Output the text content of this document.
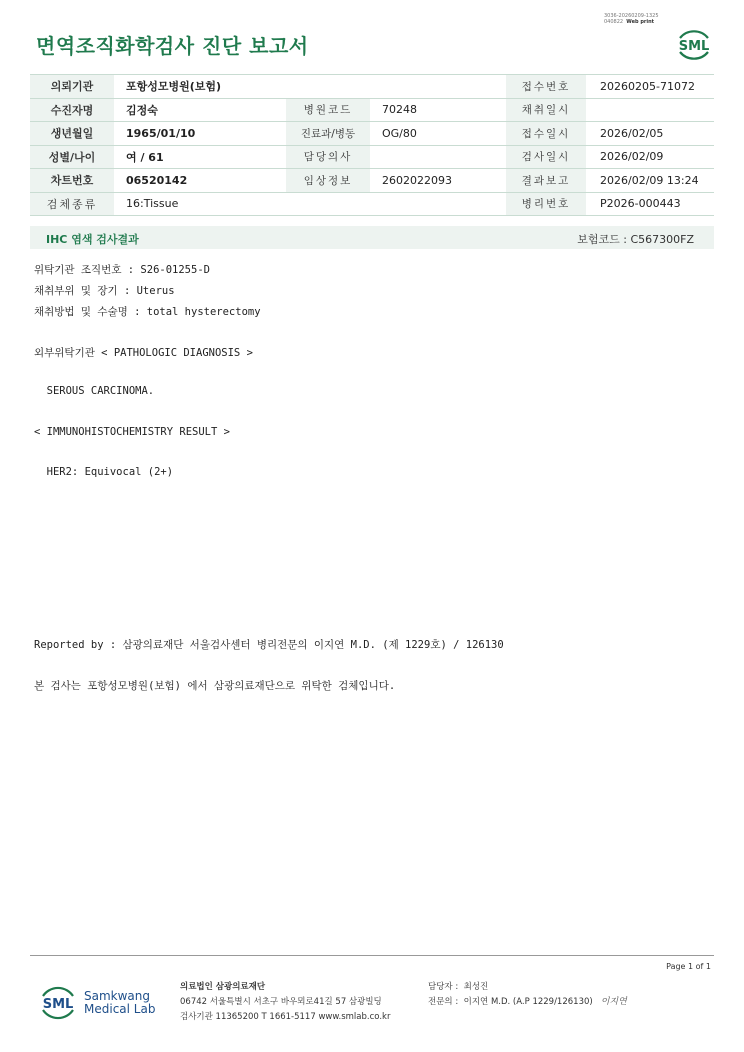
3036-20260209-1325
040822 Web print
면역조직화학검사 진단 보고서	SML
의뢰기관	포항성모병원(보험)			접수번호	20260205-71072
수진자명	김정숙	병원코드	70248	채취일시	
생년월일	1965/01/10	진료과/병동	OG/80	접수일시	2026/02/05
성별/나이	여 / 61	담당의사		검사일시	2026/02/09
차트번호	06520142	임상정보	2602022093	결과보고	2026/02/09 13:24
검체종류	16:Tissue			병리번호	P2026-000443
IHC 염색 검사결과	보험코드 : C567300FZ
위탁기관 조직번호 : S26-01255-D
채취부위 및 장기 : Uterus
채취방법 및 수술명 : total hysterectomy
외부위탁기관 < PATHOLOGIC DIAGNOSIS >
SEROUS CARCINOMA.
< IMMUNOHISTOCHEMISTRY RESULT >
HER2: Equivocal (2+)
Reported by : 삼광의료재단 서울검사센터 병리전문의 이지연 M.D. (제 1229호) / 126130
본 검사는 포항성모병원(보험) 에서 삼광의료재단으로 위탁한 검체입니다.
Page 1 of 1
SML
Samkwang
Medical Lab
의료법인 삼광의료재단
06742 서울특별시 서초구 바우뫼로41길 57 삼광빌딩
검사기관 11365200 T 1661-5117 www.smlab.co.kr
담당자 : 최성진
전문의 : 이지연 M.D. (A.P 1229/126130) 이지연
